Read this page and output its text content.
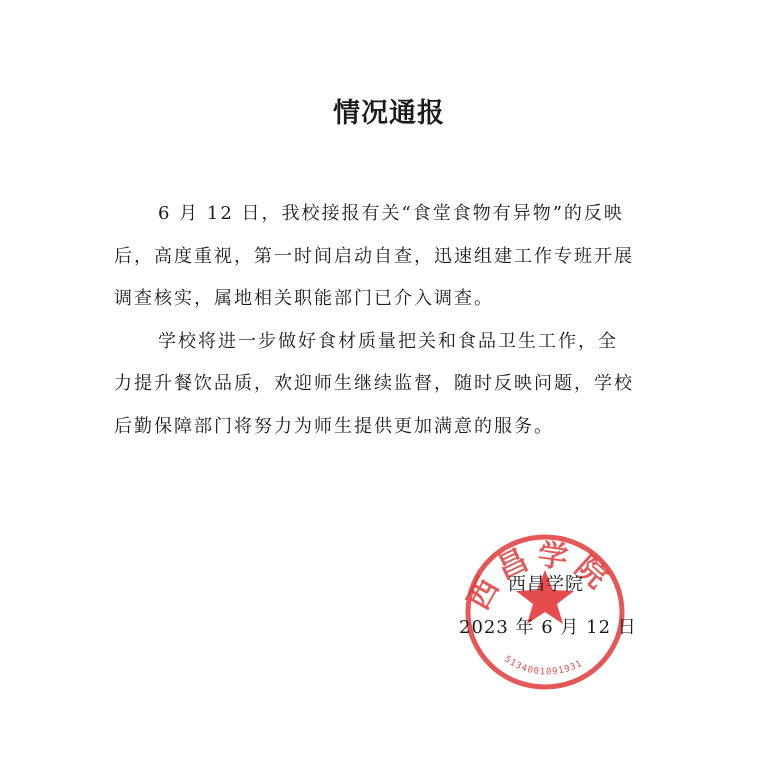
情况通报

6 月 12 日，我校接报有关“食堂食物有异物”的反映后，高度重视，第一时间启动自查，迅速组建工作专班开展调查核实，属地相关职能部门已介入调查。

学校将进一步做好食材质量把关和食品卫生工作，全力提升餐饮品质，欢迎师生继续监督，随时反映问题，学校后勤保障部门将努力为师生提供更加满意的服务。

西昌学院
5134001091931
西昌学院
2023 年 6 月 12 日
